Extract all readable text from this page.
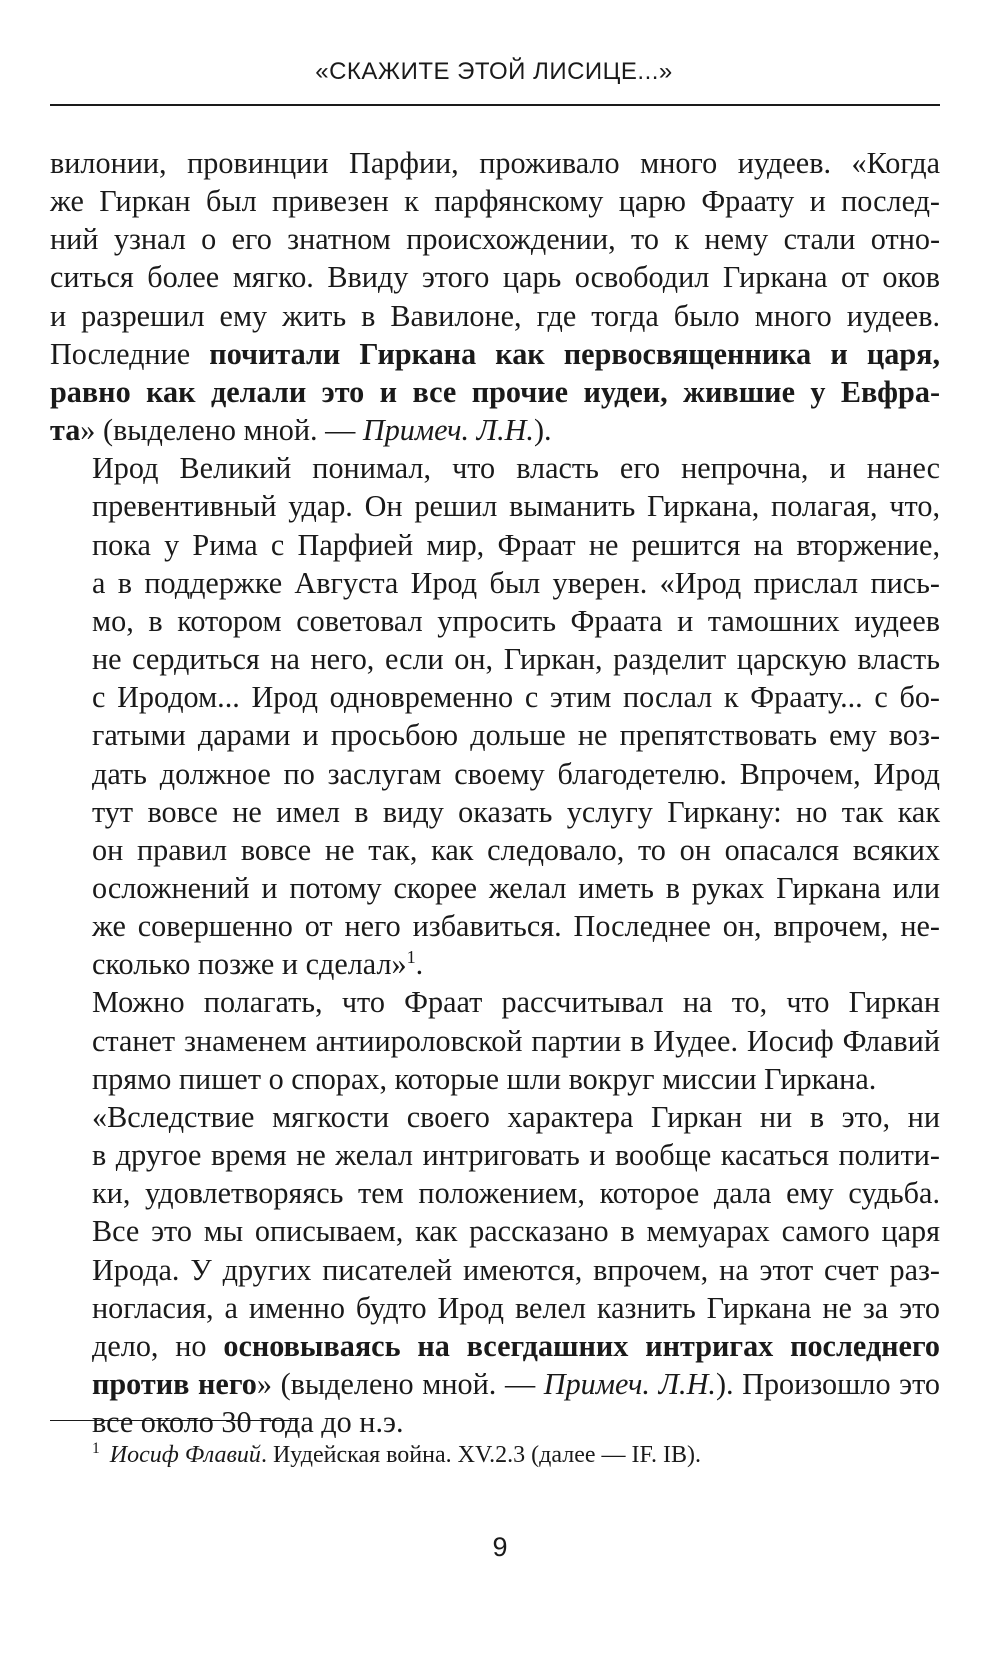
«СКАЖИТЕ ЭТОЙ ЛИСИЦЕ...»

вилонии, провинции Парфии, проживало много иудеев. «Когда
же Гиркан был привезен к парфянскому царю Фраату и послед-
ний узнал о его знатном происхождении, то к нему стали отно-
ситься более мягко. Ввиду этого царь освободил Гиркана от оков
и разрешил ему жить в Вавилоне, где тогда было много иудеев.
Последние почитали Гиркана как первосвященника и царя,
равно как делали это и все прочие иудеи, жившие у Евфра-
та» (выделено мной. — Примеч. Л.Н.).

Ирод Великий понимал, что власть его непрочна, и нанес
превентивный удар. Он решил выманить Гиркана, полагая, что,
пока у Рима с Парфией мир, Фраат не решится на вторжение,
а в поддержке Августа Ирод был уверен. «Ирод прислал пись-
мо, в котором советовал упросить Фраата и тамошних иудеев
не сердиться на него, если он, Гиркан, разделит царскую власть
с Иродом... Ирод одновременно с этим послал к Фраату... с бо-
гатыми дарами и просьбою дольше не препятствовать ему воз-
дать должное по заслугам своему благодетелю. Впрочем, Ирод
тут вовсе не имел в виду оказать услугу Гиркану: но так как
он правил вовсе не так, как следовало, то он опасался всяких
осложнений и потому скорее желал иметь в руках Гиркана или
же совершенно от него избавиться. Последнее он, впрочем, не-
сколько позже и сделал»$^1$.

Можно полагать, что Фраат рассчитывал на то, что Гиркан
станет знаменем антиироловской партии в Иудее. Иосиф Флавий
прямо пишет о спорах, которые шли вокруг миссии Гиркана.

«Вследствие мягкости своего характера Гиркан ни в это, ни
в другое время не желал интриговать и вообще касаться полити-
ки, удовлетворяясь тем положением, которое дала ему судьба.
Все это мы описываем, как рассказано в мемуарах самого царя
Ирода. У других писателей имеются, впрочем, на этот счет раз-
ногласия, а именно будто Ирод велел казнить Гиркана не за это
дело, но основываясь на всегдашних интригах последнего
против него» (выделено мной. — Примеч. Л.Н.). Произошло это
все около 30 года до н.э.

$^1$ Иосиф Флавий. Иудейская война. XV.2.3 (далее — IF. IB).
9
